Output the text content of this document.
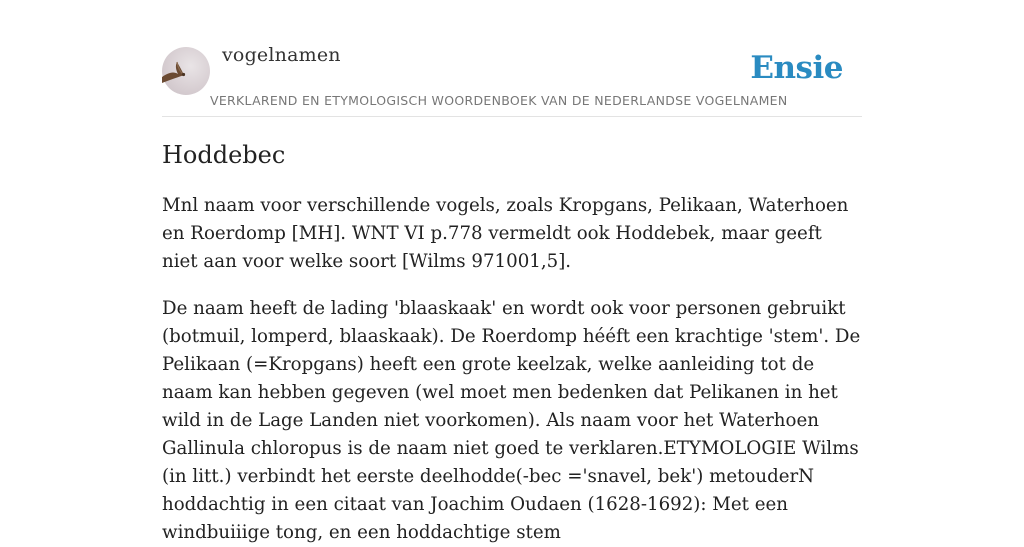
vogelnamen	Ensie
VERKLAREND EN ETYMOLOGISCH WOORDENBOEK VAN DE NEDERLANDSE VOGELNAMEN
Hoddebec

Mnl naam voor verschillende vogels, zoals Kropgans, Pelikaan, Waterhoen en Roerdomp [MH]. WNT VI p.778 vermeldt ook Hoddebek, maar geeft niet aan voor welke soort [Wilms 971001,5].

De naam heeft de lading 'blaaskaak' en wordt ook voor personen gebruikt (botmuil, lomperd, blaaskaak). De Roerdomp hééft een krachtige 'stem'. De Pelikaan (=Kropgans) heeft een grote keelzak, welke aanleiding tot de naam kan hebben gegeven (wel moet men bedenken dat Pelikanen in het wild in de Lage Landen niet voorkomen). Als naam voor het Waterhoen Gallinula chloropus is de naam niet goed te verklaren.ETYMOLOGIE Wilms (in litt.) verbindt het eerste deelhodde(-bec ='snavel, bek') metouderN hoddachtig in een citaat van Joachim Oudaen (1628-1692): Met een windbuiiige tong, en een hoddachtige stem
